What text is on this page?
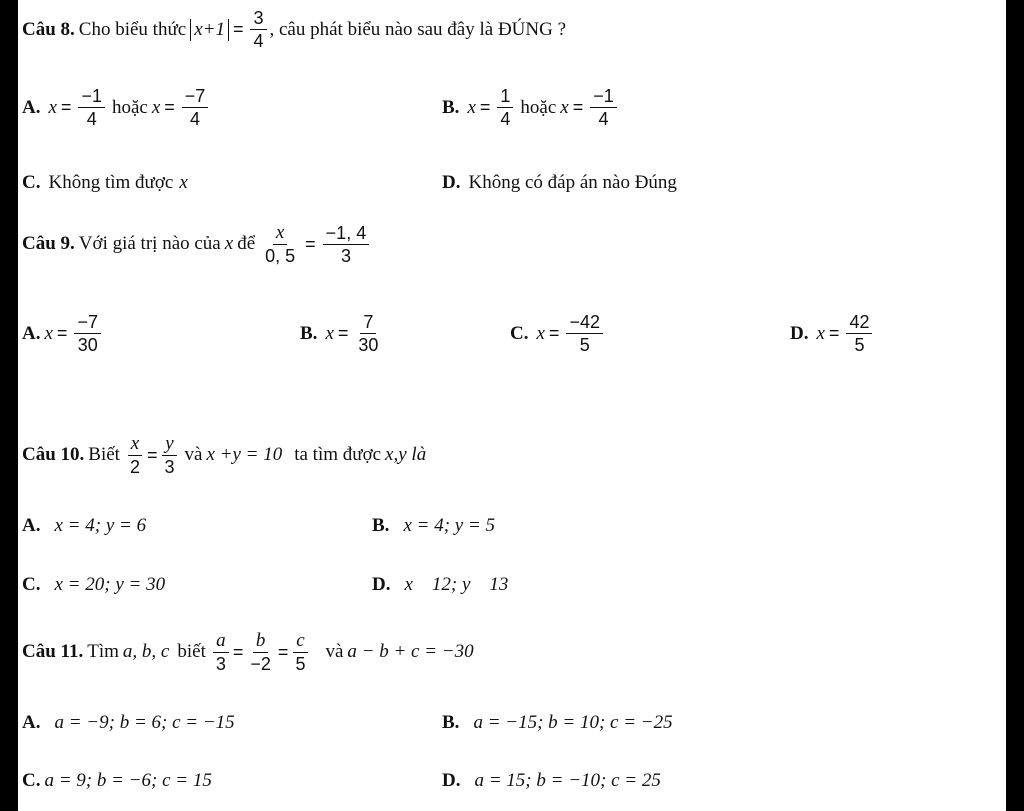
Câu 8. Cho biểu thức $x+1 = \frac{3}{4}$ , câu phát biểu nào sau đây là ĐÚNG ?
A. $x = \frac{-1}{4}$ hoặc $x = \frac{-7}{4}$	B. $x = \frac{1}{4}$ hoặc $x = \frac{-1}{4}$
C. Không tìm được x	D. Không có đáp án nào Đúng
Câu 9. Với giá trị nào của x để $\frac{x}{0, 5} = \frac{-1, 4}{3}$
A. $x = \frac{-7}{30}$	B. $x = \frac{7}{30}$	C. $x = \frac{-42}{5}$	D. $x = \frac{42}{5}$
Câu 10. Biết $\frac{x}{2} = \frac{y}{3}$ và x +y = 10 ta tìm được x,y là
A. x = 4; y = 6	B. x = 4; y = 5
C. x = 20; y = 30	D. x    12; y    13
Câu 11. Tìm a, b, c biết $\frac{a}{3} = \frac{b}{-2} = \frac{c}{5}$ và a − b + c = −30
A. a = −9; b = 6; c = −15	B. a = −15; b = 10; c = −25
C. a = 9; b = −6; c = 15	D. a = 15; b = −10; c = 25
